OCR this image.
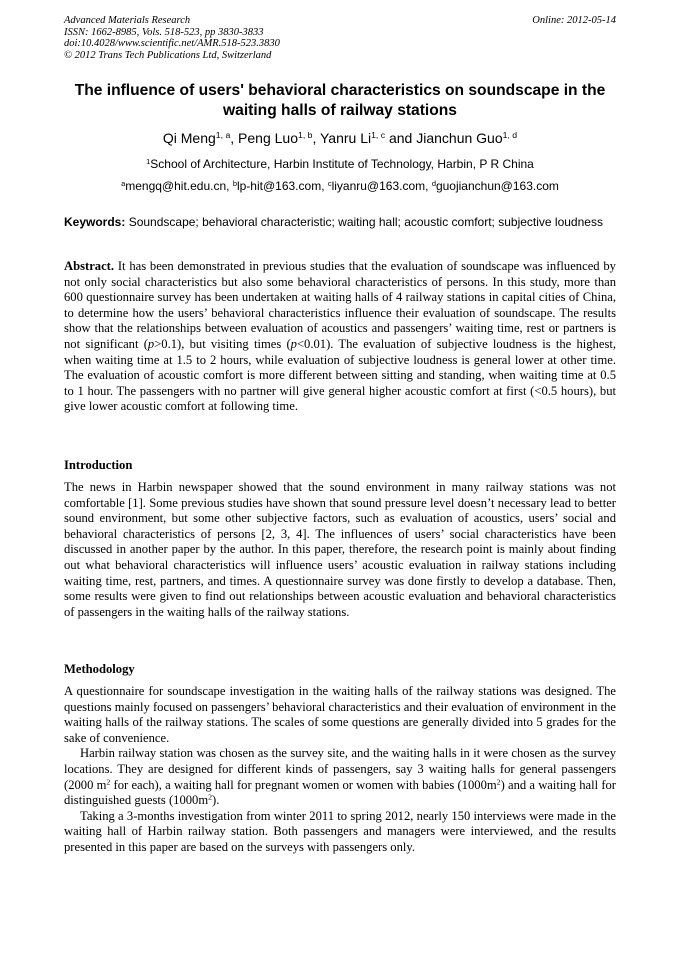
Advanced Materials Research
ISSN: 1662-8985, Vols. 518-523, pp 3830-3833
doi:10.4028/www.scientific.net/AMR.518-523.3830
© 2012 Trans Tech Publications Ltd, Switzerland
Online: 2012-05-14
The influence of users' behavioral characteristics on soundscape in the waiting halls of railway stations
Qi Meng$^{1, a}$, Peng Luo$^{1, b}$, Yanru Li$^{1, c}$ and Jianchun Guo$^{1, d}$
$^1$School of Architecture, Harbin Institute of Technology, Harbin, P R China
$^a$mengq@hit.edu.cn, $^b$lp-hit@163.com, $^c$liyanru@163.com, $^d$guojianchun@163.com
Keywords: Soundscape; behavioral characteristic; waiting hall; acoustic comfort; subjective loudness

Abstract. It has been demonstrated in previous studies that the evaluation of soundscape was influenced by not only social characteristics but also some behavioral characteristics of persons. In this study, more than 600 questionnaire survey has been undertaken at waiting halls of 4 railway stations in capital cities of China, to determine how the users’ behavioral characteristics influence their evaluation of soundscape. The results show that the relationships between evaluation of acoustics and passengers’ waiting time, rest or partners is not significant (p>0.1), but visiting times (p<0.01). The evaluation of subjective loudness is the highest, when waiting time at 1.5 to 2 hours, while evaluation of subjective loudness is general lower at other time. The evaluation of acoustic comfort is more different between sitting and standing, when waiting time at 0.5 to 1 hour. The passengers with no partner will give general higher acoustic comfort at first (<0.5 hours), but give lower acoustic comfort at following time.

Introduction

The news in Harbin newspaper showed that the sound environment in many railway stations was not comfortable [1]. Some previous studies have shown that sound pressure level doesn’t necessary lead to better sound environment, but some other subjective factors, such as evaluation of acoustics, users’ social and behavioral characteristics of persons [2, 3, 4]. The influences of users’ social characteristics have been discussed in another paper by the author. In this paper, therefore, the research point is mainly about finding out what behavioral characteristics will influence users’ acoustic evaluation in railway stations including waiting time, rest, partners, and times. A questionnaire survey was done firstly to develop a database. Then, some results were given to find out relationships between acoustic evaluation and behavioral characteristics of passengers in the waiting halls of the railway stations.

Methodology

A questionnaire for soundscape investigation in the waiting halls of the railway stations was designed. The questions mainly focused on passengers’ behavioral characteristics and their evaluation of environment in the waiting halls of the railway stations. The scales of some questions are generally divided into 5 grades for the sake of convenience.

Harbin railway station was chosen as the survey site, and the waiting halls in it were chosen as the survey locations. They are designed for different kinds of passengers, say 3 waiting halls for general passengers (2000 $m^2$ for each), a waiting hall for pregnant women or women with babies $(1000m^2)$ and a waiting hall for distinguished guests $(1000m^2)$.

Taking a 3-months investigation from winter 2011 to spring 2012, nearly 150 interviews were made in the waiting hall of Harbin railway station. Both passengers and managers were interviewed, and the results presented in this paper are based on the surveys with passengers only.
